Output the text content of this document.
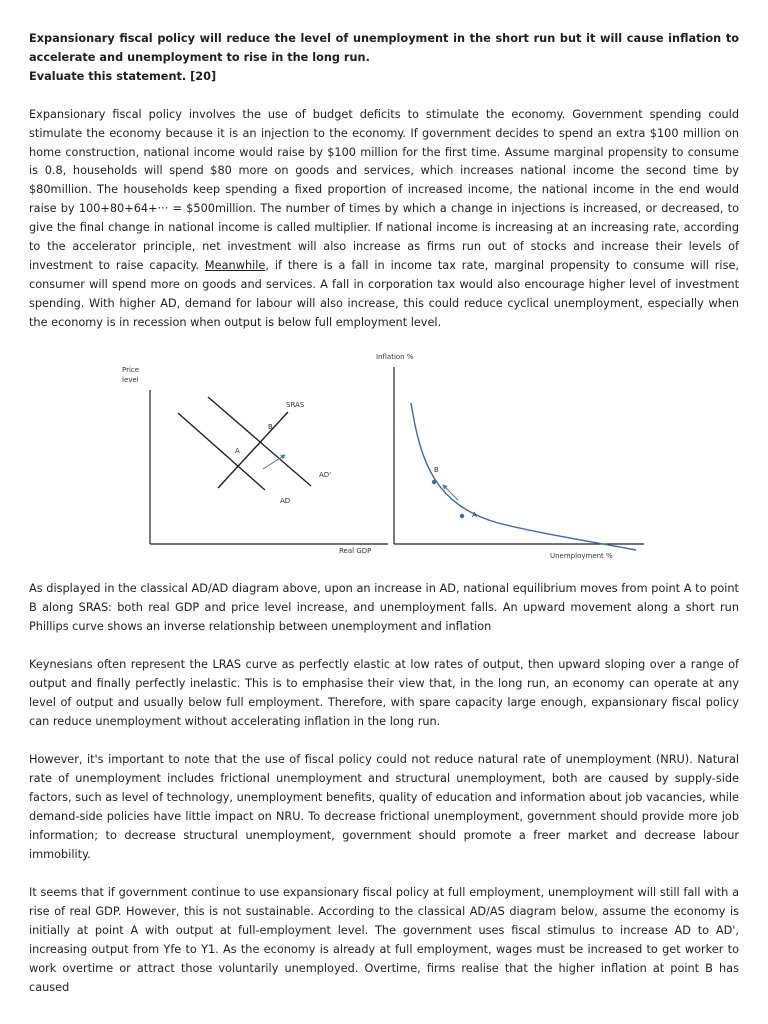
Expansionary fiscal policy will reduce the level of unemployment in the short run but it will cause inflation to accelerate and unemployment to rise in the long run.

Evaluate this statement. [20]

Expansionary fiscal policy involves the use of budget deficits to stimulate the economy. Government spending could stimulate the economy because it is an injection to the economy. If government decides to spend an extra $100 million on home construction, national income would raise by $100 million for the first time. Assume marginal propensity to consume is 0.8, households will spend $80 more on goods and services, which increases national income the second time by $80million. The households keep spending a fixed proportion of increased income, the national income in the end would raise by 100+80+64+··· = $500million. The number of times by which a change in injections is increased, or decreased, to give the final change in national income is called multiplier. If national income is increasing at an increasing rate, according to the accelerator principle, net investment will also increase as firms run out of stocks and increase their levels of investment to raise capacity. Meanwhile, if there is a fall in income tax rate, marginal propensity to consume will rise, consumer will spend more on goods and services. A fall in corporation tax would also encourage higher level of investment spending. With higher AD, demand for labour will also increase, this could reduce cyclical unemployment, especially when the economy is in recession when output is below full employment level.

Price
level
SRAS
B
A
AD'
AD
Real GDP
Inflation %
B
A
Unemployment %

As displayed in the classical AD/AD diagram above, upon an increase in AD, national equilibrium moves from point A to point B along SRAS: both real GDP and price level increase, and unemployment falls. An upward movement along a short run Phillips curve shows an inverse relationship between unemployment and inflation

Keynesians often represent the LRAS curve as perfectly elastic at low rates of output, then upward sloping over a range of output and finally perfectly inelastic. This is to emphasise their view that, in the long run, an economy can operate at any level of output and usually below full employment. Therefore, with spare capacity large enough, expansionary fiscal policy can reduce unemployment without accelerating inflation in the long run.

However, it's important to note that the use of fiscal policy could not reduce natural rate of unemployment (NRU). Natural rate of unemployment includes frictional unemployment and structural unemployment, both are caused by supply-side factors, such as level of technology, unemployment benefits, quality of education and information about job vacancies, while demand-side policies have little impact on NRU. To decrease frictional unemployment, government should provide more job information; to decrease structural unemployment, government should promote a freer market and decrease labour immobility.

It seems that if government continue to use expansionary fiscal policy at full employment, unemployment will still fall with a rise of real GDP. However, this is not sustainable. According to the classical AD/AS diagram below, assume the economy is initially at point A with output at full-employment level. The government uses fiscal stimulus to increase AD to AD', increasing output from Yfe to Y1. As the economy is already at full employment, wages must be increased to get worker to work overtime or attract those voluntarily unemployed. Overtime, firms realise that the higher inflation at point B has caused
